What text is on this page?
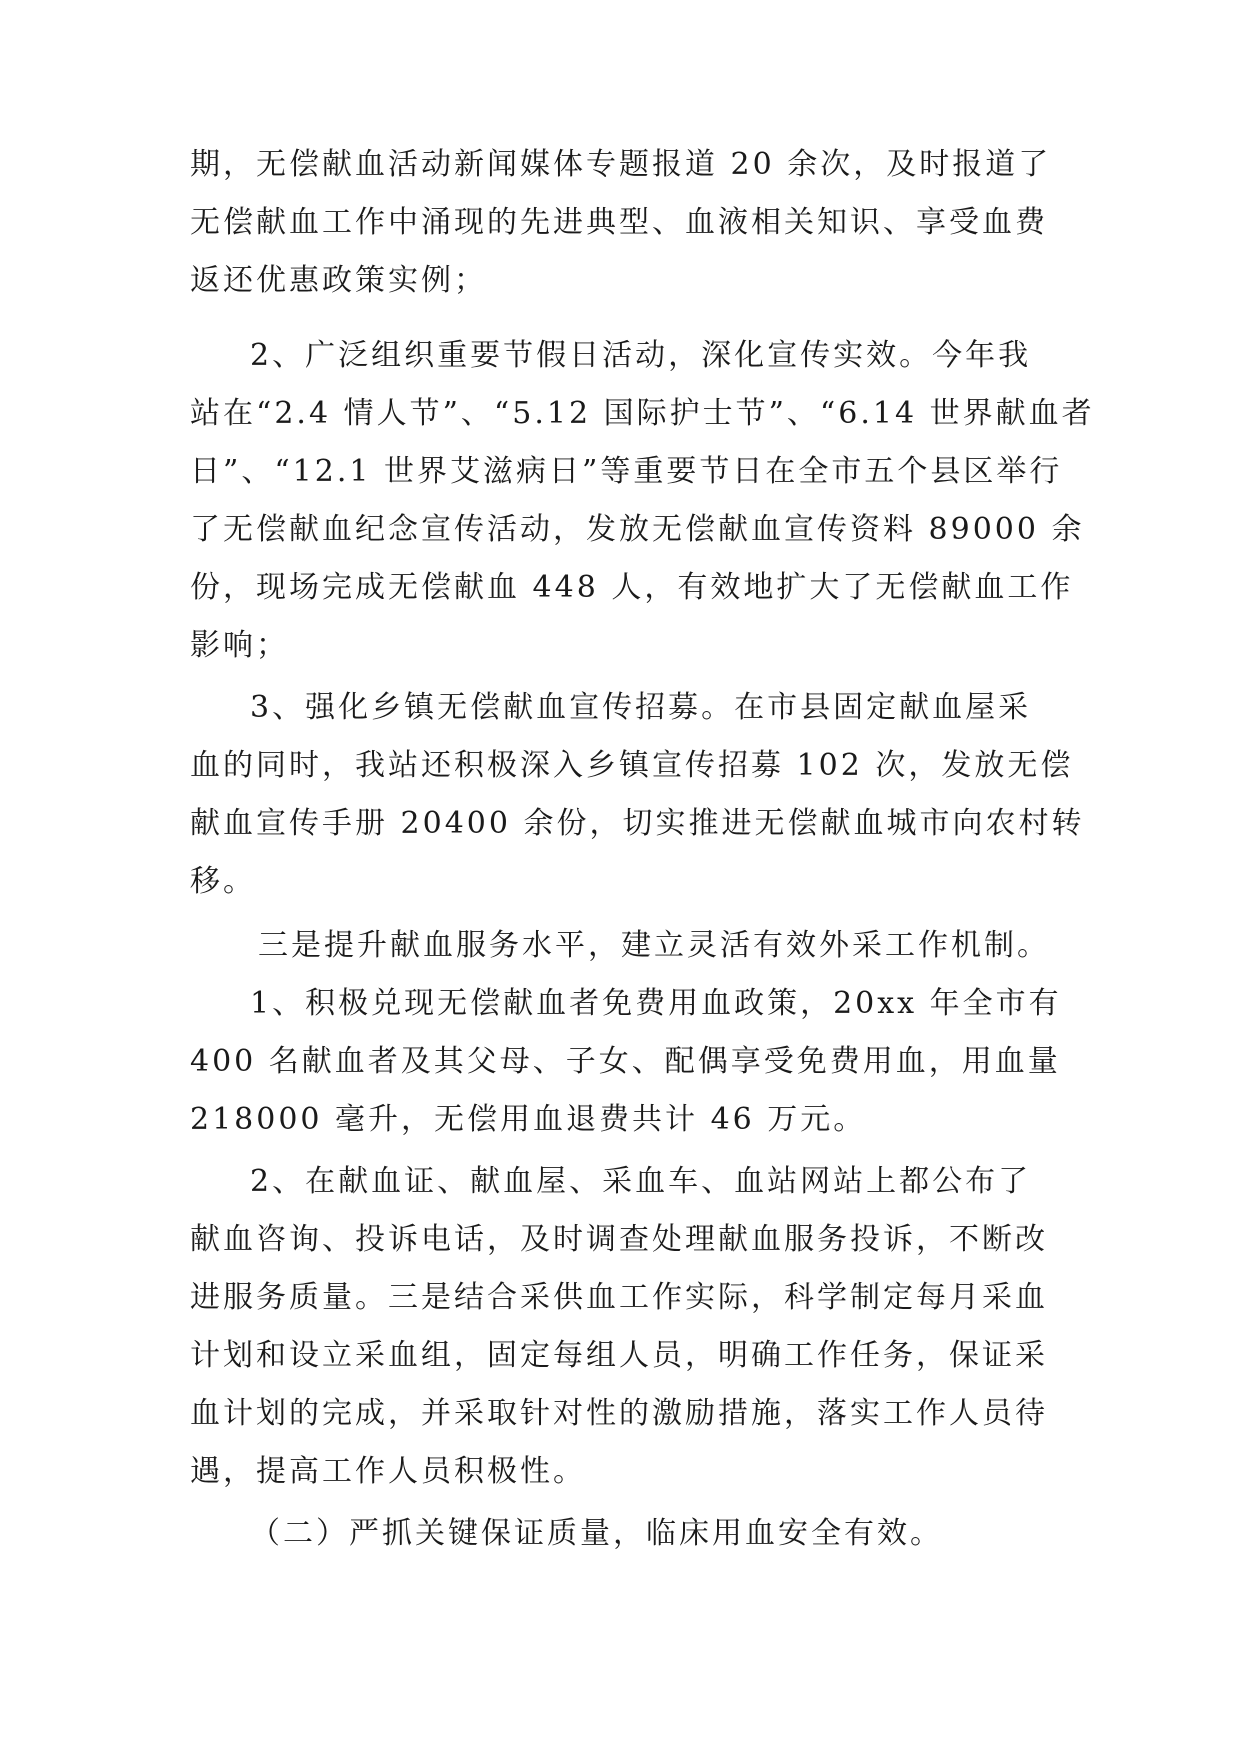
期，无偿献血活动新闻媒体专题报道 20 余次，及时报道了

无偿献血工作中涌现的先进典型、血液相关知识、享受血费

返还优惠政策实例；

2、广泛组织重要节假日活动，深化宣传实效。今年我

站在“2.4 情人节”、“5.12 国际护士节”、“6.14 世界献血者

日”、“12.1 世界艾滋病日”等重要节日在全市五个县区举行

了无偿献血纪念宣传活动，发放无偿献血宣传资料 89000 余

份，现场完成无偿献血 448 人，有效地扩大了无偿献血工作

影响；

3、强化乡镇无偿献血宣传招募。在市县固定献血屋采

血的同时，我站还积极深入乡镇宣传招募 102 次，发放无偿

献血宣传手册 20400 余份，切实推进无偿献血城市向农村转

移。

三是提升献血服务水平，建立灵活有效外采工作机制。

1、积极兑现无偿献血者免费用血政策，20xx 年全市有

400 名献血者及其父母、子女、配偶享受免费用血，用血量

218000 毫升，无偿用血退费共计 46 万元。

2、在献血证、献血屋、采血车、血站网站上都公布了

献血咨询、投诉电话，及时调查处理献血服务投诉，不断改

进服务质量。三是结合采供血工作实际，科学制定每月采血

计划和设立采血组，固定每组人员，明确工作任务，保证采

血计划的完成，并采取针对性的激励措施，落实工作人员待

遇，提高工作人员积极性。

（二）严抓关键保证质量，临床用血安全有效。
